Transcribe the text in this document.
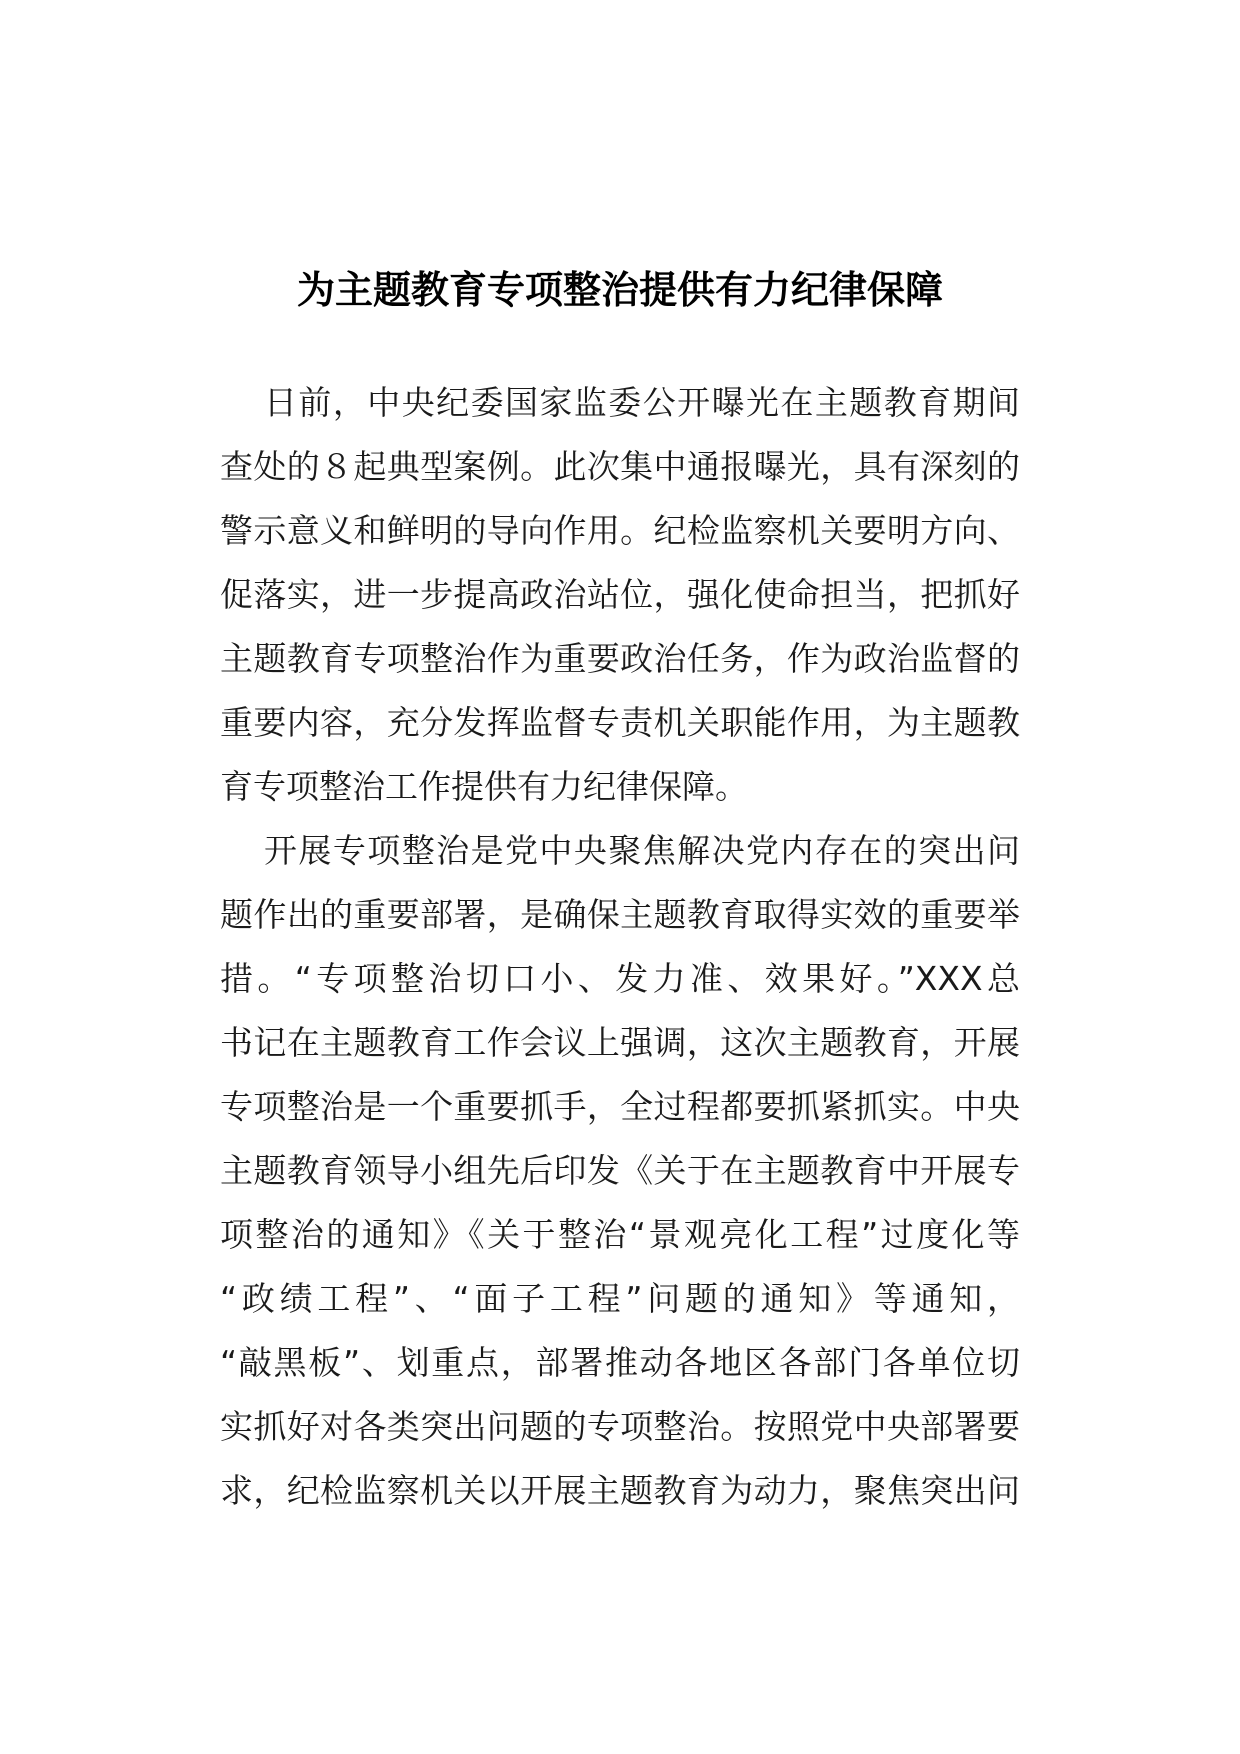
为主题教育专项整治提供有力纪律保障
日前，中央纪委国家监委公开曝光在主题教育期间
查处的８起典型案例。此次集中通报曝光，具有深刻的
警示意义和鲜明的导向作用。纪检监察机关要明方向、
促落实，进一步提高政治站位，强化使命担当，把抓好
主题教育专项整治作为重要政治任务，作为政治监督的
重要内容，充分发挥监督专责机关职能作用，为主题教
育专项整治工作提供有力纪律保障。
开展专项整治是党中央聚焦解决党内存在的突出问
题作出的重要部署，是确保主题教育取得实效的重要举
措。“专项整治切口小、发力准、效果好。”XXX总
书记在主题教育工作会议上强调，这次主题教育，开展
专项整治是一个重要抓手，全过程都要抓紧抓实。中央
主题教育领导小组先后印发《关于在主题教育中开展专
项整治的通知》《关于整治“景观亮化工程”过度化等
“政绩工程”、“面子工程”问题的通知》等通知，
“敲黑板”、划重点，部署推动各地区各部门各单位切
实抓好对各类突出问题的专项整治。按照党中央部署要
求，纪检监察机关以开展主题教育为动力，聚焦突出问
